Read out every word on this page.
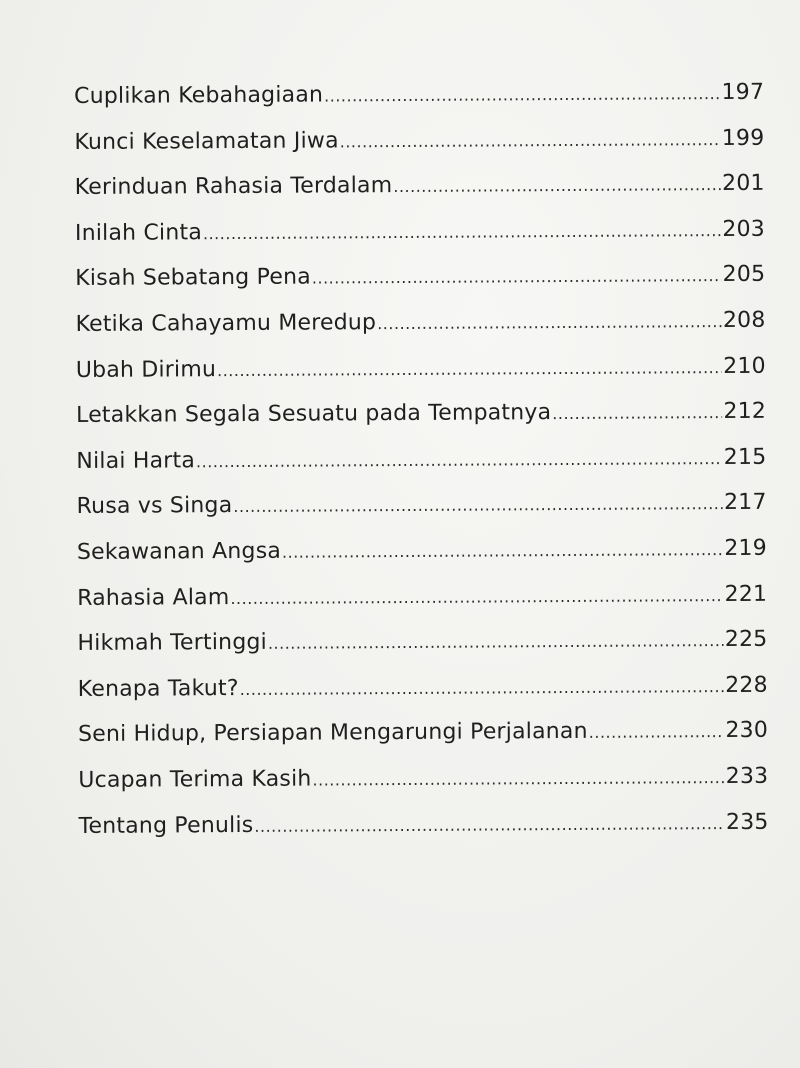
Cuplikan Kebahagiaan .....	197
Kunci Keselamatan Jiwa .....	199
Kerinduan Rahasia Terdalam .....	201
Inilah Cinta .....	203
Kisah Sebatang Pena .....	205
Ketika Cahayamu Meredup .....	208
Ubah Dirimu .....	210
Letakkan Segala Sesuatu pada Tempatnya .....	212
Nilai Harta .....	215
Rusa vs Singa .....	217
Sekawanan Angsa .....	219
Rahasia Alam .....	221
Hikmah Tertinggi .....	225
Kenapa Takut? .....	228
Seni Hidup, Persiapan Mengarungi Perjalanan .....	230
Ucapan Terima Kasih .....	233
Tentang Penulis .....	235
